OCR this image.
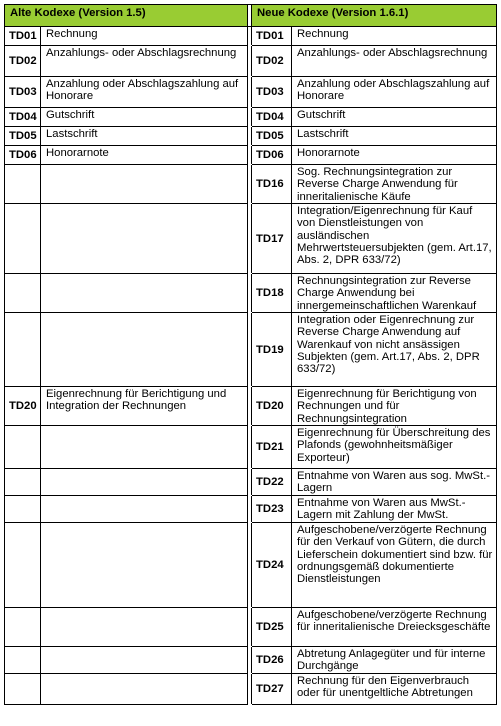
Alte Kodexe (Version 1.5)			Neue Kodexe (Version 1.6.1)	
TD01	Rechnung		TD01	Rechnung
TD02	Anzahlungs- oder Abschlagsrechnung		TD02	Anzahlungs- oder Abschlagsrechnung
TD03	Anzahlung oder Abschlagszahlung auf Honorare		TD03	Anzahlung oder Abschlagszahlung auf Honorare
TD04	Gutschrift		TD04	Gutschrift
TD05	Lastschrift		TD05	Lastschrift
TD06	Honorarnote		TD06	Honorarnote
			TD16	Sog. Rechnungsintegration zur Reverse Charge Anwendung für inneritalienische Käufe
			TD17	Integration/Eigenrechnung für Kauf von Dienstleistungen von ausländischen Mehrwertsteuersubjekten (gem. Art.17, Abs. 2, DPR 633/72)
			TD18	Rechnungsintegration zur Reverse Charge Anwendung bei innergemeinschaftlichen Warenkauf
			TD19	Integration oder Eigenrechnung zur Reverse Charge Anwendung auf Warenkauf von nicht ansässigen Subjekten (gem. Art.17, Abs. 2, DPR 633/72)
TD20	Eigenrechnung für Berichtigung und Integration der Rechnungen		TD20	Eigenrechnung für Berichtigung von Rechnungen und für Rechnungsintegration
			TD21	Eigenrechnung für Überschreitung des Plafonds (gewohnheitsmäßiger Exporteur)
			TD22	Entnahme von Waren aus sog. MwSt.-Lagern
			TD23	Entnahme von Waren aus MwSt.-Lagern mit Zahlung der MwSt.
			TD24	Aufgeschobene/verzögerte Rechnung für den Verkauf von Gütern, die durch Lieferschein dokumentiert sind bzw. für ordnungsgemäß dokumentierte Dienstleistungen
			TD25	Aufgeschobene/verzögerte Rechnung für inneritalienische Dreiecksgeschäfte
			TD26	Abtretung Anlagegüter und für interne Durchgänge
			TD27	Rechnung für den Eigenverbrauch oder für unentgeltliche Abtretungen
